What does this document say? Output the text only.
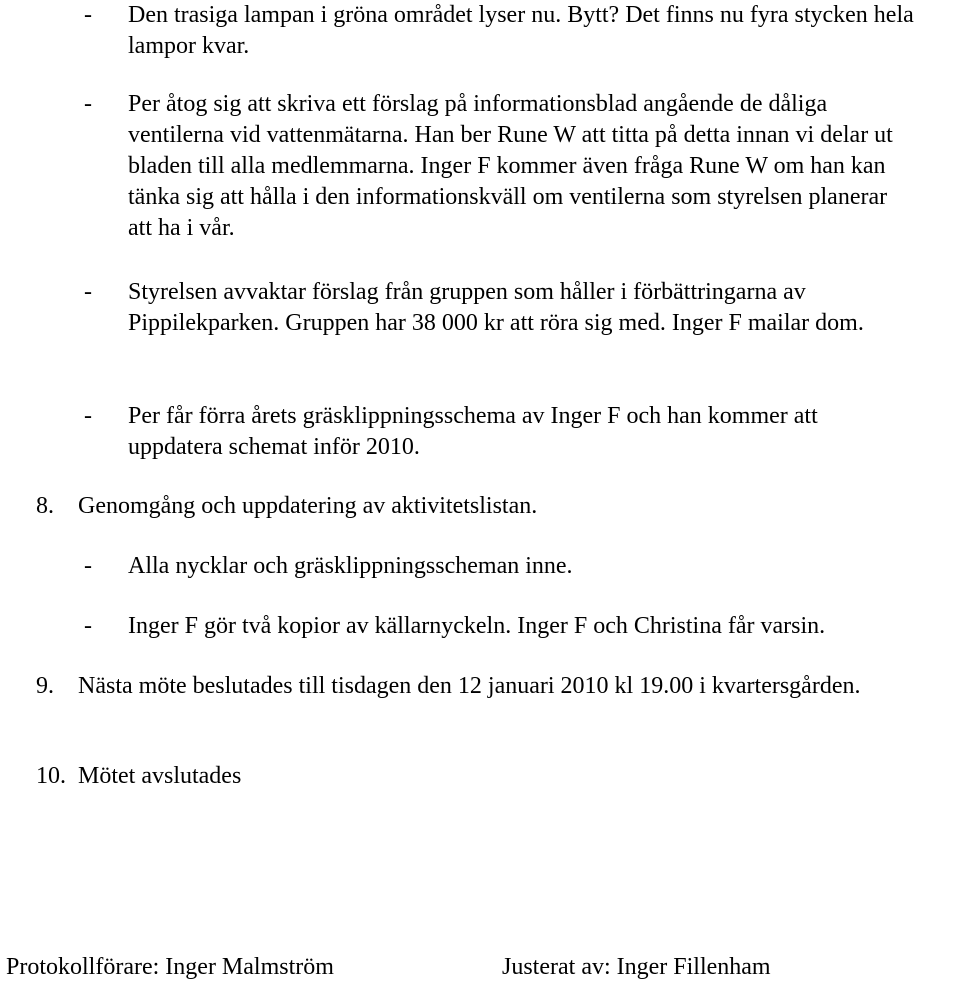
- Den trasiga lampan i gröna området lyser nu. Bytt? Det finns nu fyra stycken hela lampor kvar.
- Per åtog sig att skriva ett förslag på informationsblad angående de dåliga ventilerna vid vattenmätarna. Han ber Rune W att titta på detta innan vi delar ut bladen till alla medlemmarna. Inger F kommer även fråga Rune W om han kan tänka sig att hålla i den informationskväll om ventilerna som styrelsen planerar att ha i vår.
- Styrelsen avvaktar förslag från gruppen som håller i förbättringarna av Pippilekparken. Gruppen har 38 000 kr att röra sig med. Inger F mailar dom.
- Per får förra årets gräsklippningsschema av Inger F och han kommer att uppdatera schemat inför 2010.
8. Genomgång och uppdatering av aktivitetslistan.
- Alla nycklar och gräsklippningsscheman inne.
- Inger F gör två kopior av källarnyckeln. Inger F och Christina får varsin.
9. Nästa möte beslutades till tisdagen den 12 januari 2010 kl 19.00 i kvartersgården.
10. Mötet avslutades
Protokollförare: Inger Malmström	Justerat av: Inger Fillenham
